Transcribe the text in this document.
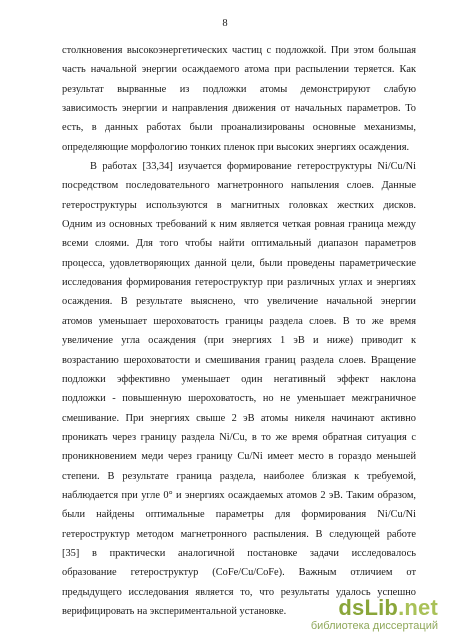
8
столкновения высокоэнергетических частиц с подложкой. При этом большая
часть начальной энергии осаждаемого атома при распылении теряется. Как
результат вырванные из подложки атомы демонстрируют слабую
зависимость энергии и направления движения от начальных параметров. То
есть, в данных работах были проанализированы основные механизмы,
определяющие морфологию тонких пленок при высоких энергиях осаждения.
В работах [33,34] изучается формирование гетероструктуры Ni/Cu/Ni
посредством последовательного магнетронного напыления слоев. Данные
гетероструктуры используются в магнитных головках жестких дисков.
Одним из основных требований к ним является четкая ровная граница между
всеми слоями. Для того чтобы найти оптимальный диапазон параметров
процесса, удовлетворяющих данной цели, были проведены параметрические
исследования формирования гетероструктур при различных углах и энергиях
осаждения. В результате выяснено, что увеличение начальной энергии
атомов уменьшает шероховатость границы раздела слоев. В то же время
увеличение угла осаждения (при энергиях 1 эВ и ниже) приводит к
возрастанию шероховатости и смешивания границ раздела слоев. Вращение
подложки эффективно уменьшает один негативный эффект наклона
подложки - повышенную шероховатость, но не уменьшает межграничное
смешивание. При энергиях свыше 2 эВ атомы никеля начинают активно
проникать через границу раздела Ni/Cu, в то же время обратная ситуация с
проникновением меди через границу Cu/Ni имеет место в гораздо меньшей
степени. В результате граница раздела, наиболее близкая к требуемой,
наблюдается при угле 0° и энергиях осаждаемых атомов 2 эВ. Таким образом,
были найдены оптимальные параметры для формирования Ni/Cu/Ni
гетероструктур методом магнетронного распыления. В следующей работе
[35] в практически аналогичной постановке задачи исследовалось
образование гетероструктур (CoFe/Cu/CoFe). Важным отличием от
предыдущего исследования является то, что результаты удалось успешно
верифицировать на экспериментальной установке.	dsLib.net
библиотека диссертаций
